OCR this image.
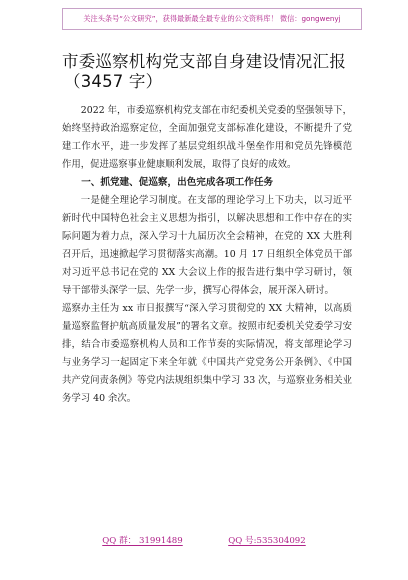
关注头条号“公文研究”，获得最新最全最专业的公文资料库！ 微信：gongwenyj
市委巡察机构党支部自身建设情况汇报
（3457 字）

2022 年，市委巡察机构党支部在市纪委机关党委的坚强领导下，始终坚持政治巡察定位，全面加强党支部标准化建设，不断提升了党建工作水平，进一步发挥了基层党组织战斗堡垒作用和党员先锋模范作用，促进巡察事业健康顺利发展，取得了良好的成效。

一、抓党建、促巡察，出色完成各项工作任务

一是健全理论学习制度。在支部的理论学习上下功夫，以习近平新时代中国特色社会主义思想为指引，以解决思想和工作中存在的实际问题为着力点，深入学习十九届历次全会精神，在党的 XX 大胜利召开后，迅速掀起学习贯彻落实高潮。10 月 17 日组织全体党员干部对习近平总书记在党的 XX 大会议上作的报告进行集中学习研讨，领导干部带头深学一层、先学一步，撰写心得体会，展开深入研讨。

巡察办主任为 xx 市日报撰写“深入学习贯彻党的 XX 大精神，以高质量巡察监督护航高质量发展”的署名文章。按照市纪委机关党委学习安排，结合市委巡察机构人员和工作节奏的实际情况，将支部理论学习与业务学习一起固定下来全年就《中国共产党党务公开条例》、《中国共产党问责条例》等党内法规组织集中学习 33 次，与巡察业务相关业务学习 40 余次。

QQ 群： 31991489	QQ 号:535304092
